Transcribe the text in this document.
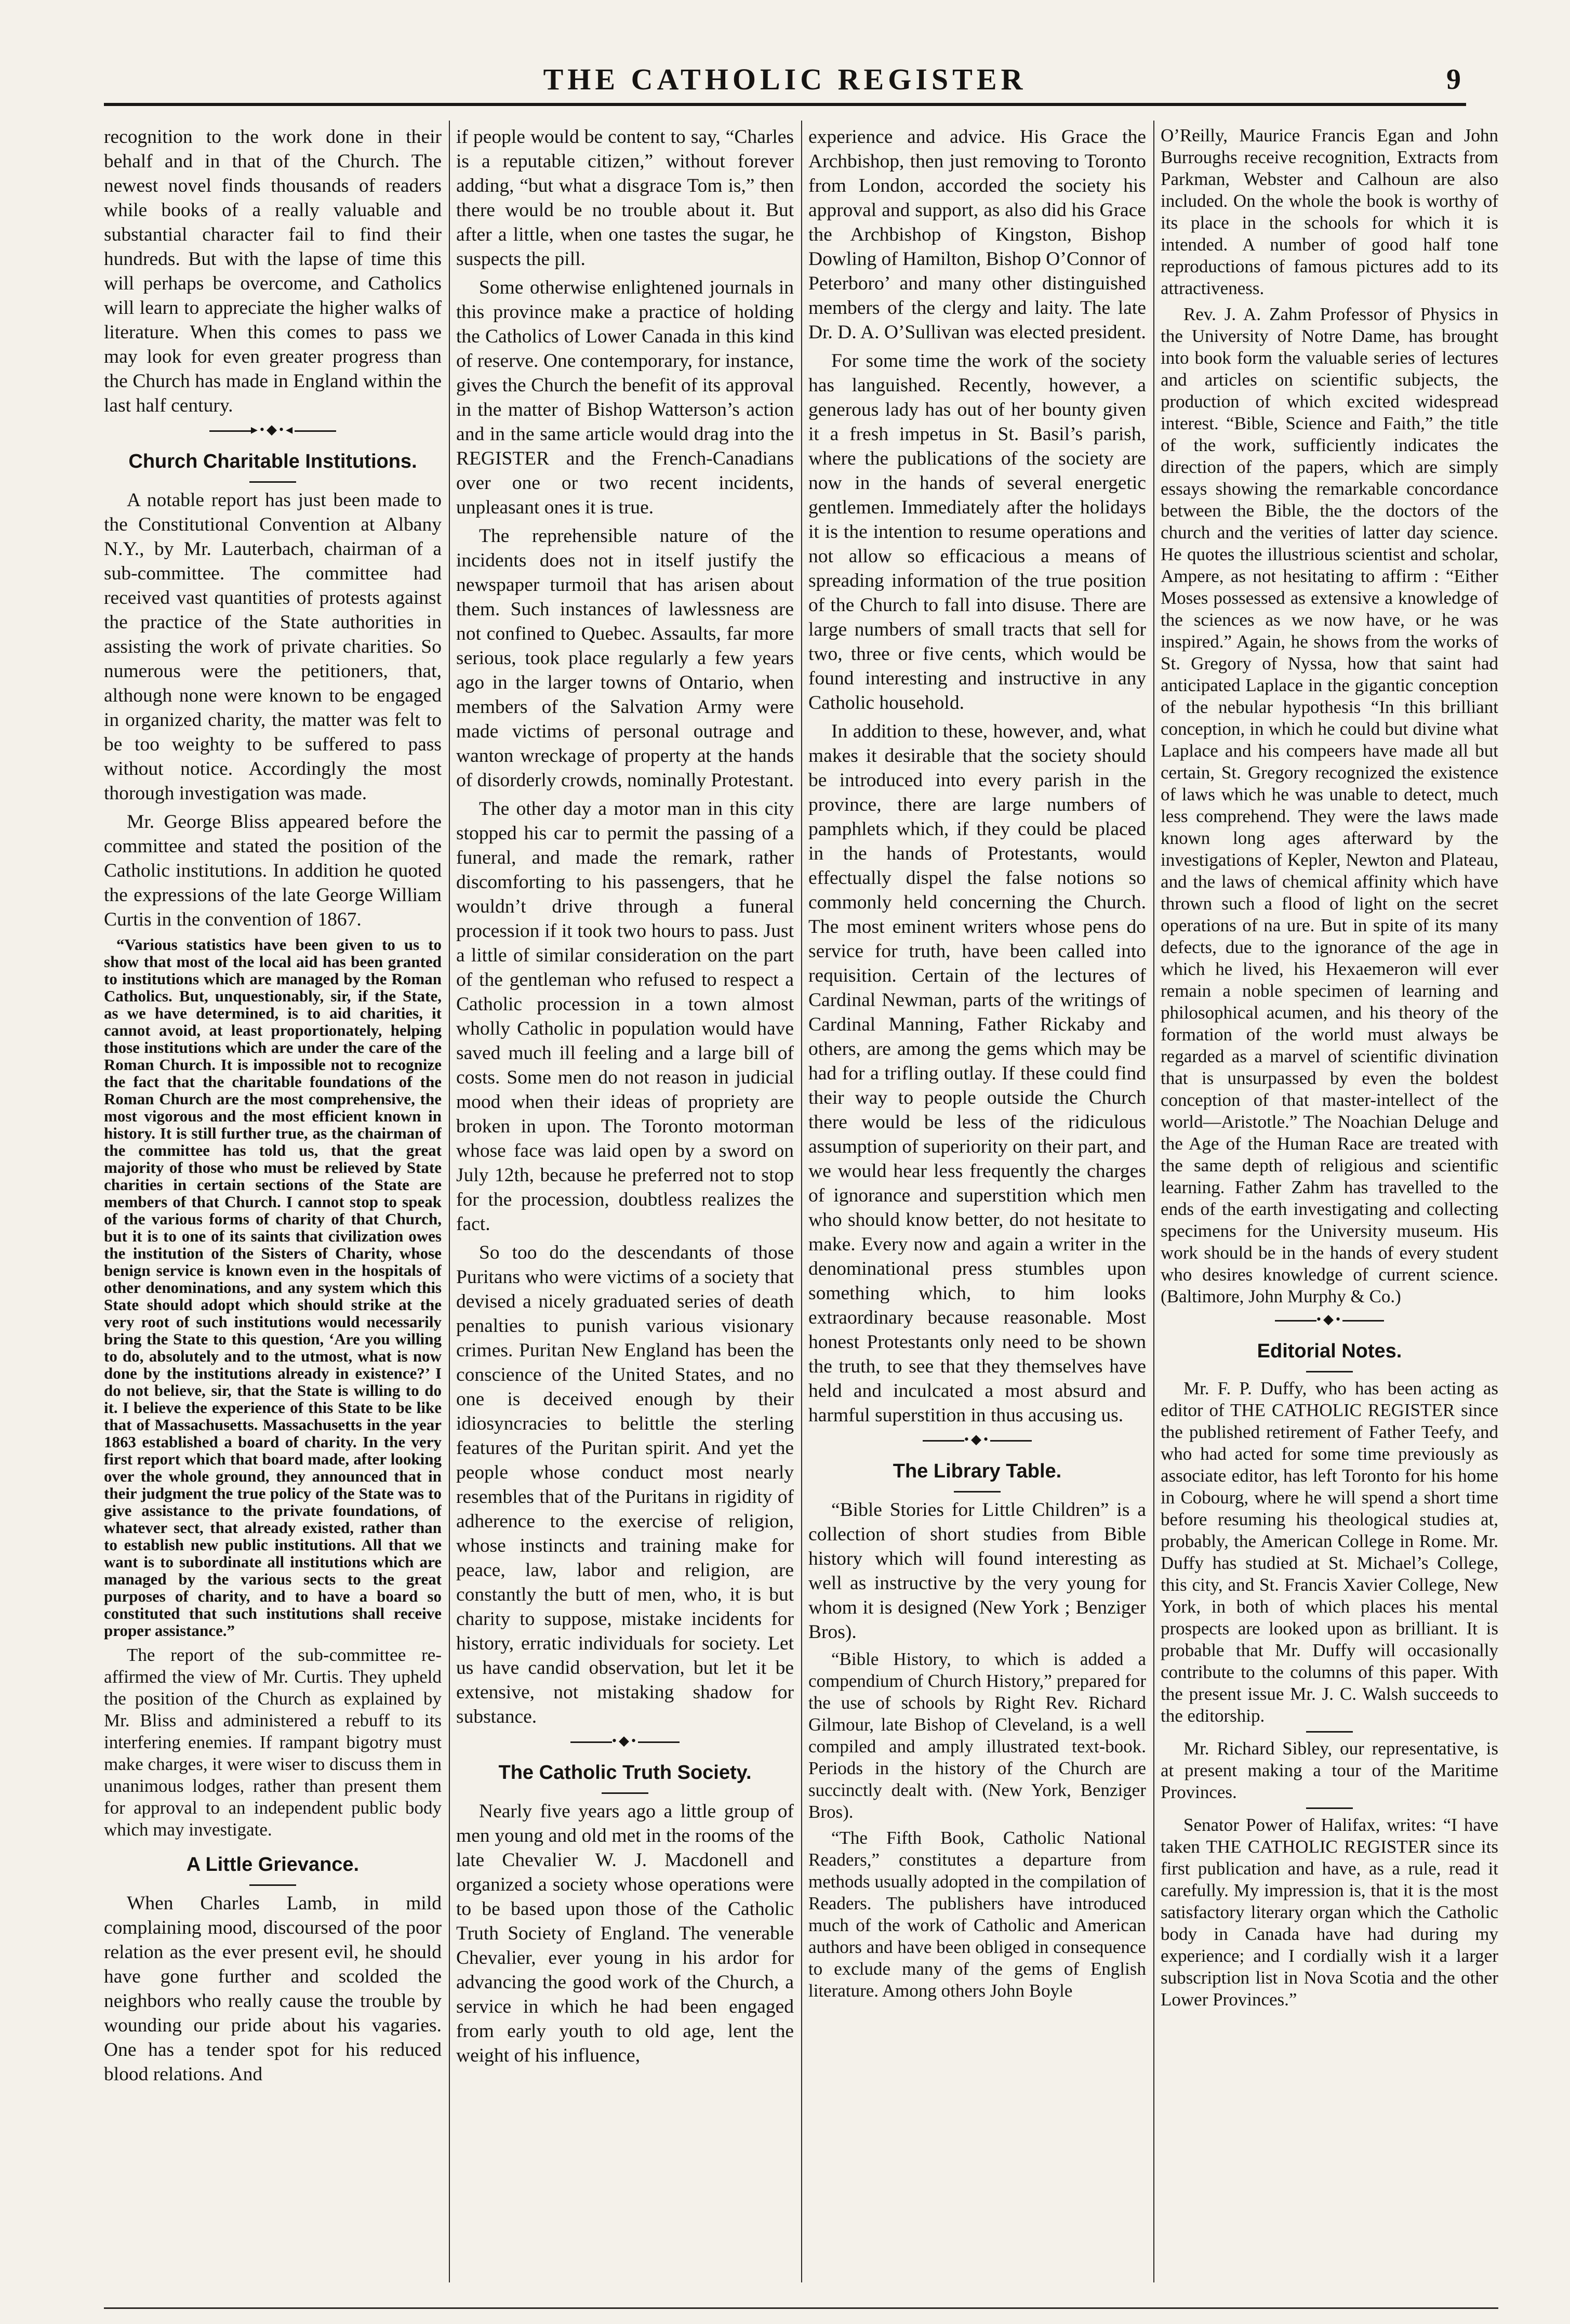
THE CATHOLIC REGISTER	9

recognition to the work done in their behalf and in that of the Church. The newest novel finds thousands of readers while books of a really valuable and substantial character fail to find their hundreds. But with the lapse of time this will perhaps be overcome, and Catholics will learn to appreciate the higher walks of literature. When this comes to pass we may look for even greater progress than the Church has made in England within the last half century.

▸•◆•◂
Church Charitable Institutions.

A notable report has just been made to the Constitutional Convention at Albany N.Y., by Mr. Lauterbach, chairman of a sub-committee. The committee had received vast quantities of protests against the practice of the State authorities in assisting the work of private charities. So numerous were the petitioners, that, although none were known to be engaged in organized charity, the matter was felt to be too weighty to be suffered to pass without notice. Accordingly the most thorough investigation was made.

Mr. George Bliss appeared before the committee and stated the position of the Catholic institutions. In addition he quoted the expressions of the late George William Curtis in the convention of 1867.

“Various statistics have been given to us to show that most of the local aid has been granted to institutions which are managed by the Roman Catholics. But, unquestionably, sir, if the State, as we have determined, is to aid charities, it cannot avoid, at least proportionately, helping those institutions which are under the care of the Roman Church. It is impossible not to recognize the fact that the charitable foundations of the Roman Church are the most comprehensive, the most vigorous and the most efficient known in history. It is still further true, as the chairman of the committee has told us, that the great majority of those who must be relieved by State charities in certain sections of the State are members of that Church. I cannot stop to speak of the various forms of charity of that Church, but it is to one of its saints that civilization owes the institution of the Sisters of Charity, whose benign service is known even in the hospitals of other denominations, and any system which this State should adopt which should strike at the very root of such institutions would necessarily bring the State to this question, ‘Are you willing to do, absolutely and to the utmost, what is now done by the institutions already in existence?’ I do not believe, sir, that the State is willing to do it. I believe the experience of this State to be like that of Massachusetts. Massachusetts in the year 1863 established a board of charity. In the very first report which that board made, after looking over the whole ground, they announced that in their judgment the true policy of the State was to give assistance to the private foundations, of whatever sect, that already existed, rather than to establish new public institutions. All that we want is to subordinate all institutions which are managed by the various sects to the great purposes of charity, and to have a board so constituted that such institutions shall receive proper assistance.”

The report of the sub-committee re-affirmed the view of Mr. Curtis. They upheld the position of the Church as explained by Mr. Bliss and administered a rebuff to its interfering enemies. If rampant bigotry must make charges, it were wiser to discuss them in unanimous lodges, rather than present them for approval to an independent public body which may investigate.

A Little Grievance.

When Charles Lamb, in mild complaining mood, discoursed of the poor relation as the ever present evil, he should have gone further and scolded the neighbors who really cause the trouble by wounding our pride about his vagaries. One has a tender spot for his reduced blood relations. And

if people would be content to say, “Charles is a reputable citizen,” without forever adding, “but what a disgrace Tom is,” then there would be no trouble about it. But after a little, when one tastes the sugar, he suspects the pill.

Some otherwise enlightened journals in this province make a practice of holding the Catholics of Lower Canada in this kind of reserve. One contemporary, for instance, gives the Church the benefit of its approval in the matter of Bishop Watterson’s action and in the same article would drag into the REGISTER and the French-Canadians over one or two recent incidents, unpleasant ones it is true.

The reprehensible nature of the incidents does not in itself justify the newspaper turmoil that has arisen about them. Such instances of lawlessness are not confined to Quebec. Assaults, far more serious, took place regularly a few years ago in the larger towns of Ontario, when members of the Salvation Army were made victims of personal outrage and wanton wreckage of property at the hands of disorderly crowds, nominally Protestant.

The other day a motor man in this city stopped his car to permit the passing of a funeral, and made the remark, rather discomforting to his passengers, that he wouldn’t drive through a funeral procession if it took two hours to pass. Just a little of similar consideration on the part of the gentleman who refused to respect a Catholic procession in a town almost wholly Catholic in population would have saved much ill feeling and a large bill of costs. Some men do not reason in judicial mood when their ideas of propriety are broken in upon. The Toronto motorman whose face was laid open by a sword on July 12th, because he preferred not to stop for the procession, doubtless realizes the fact.

So too do the descendants of those Puritans who were victims of a society that devised a nicely graduated series of death penalties to punish various visionary crimes. Puritan New England has been the conscience of the United States, and no one is deceived enough by their idiosyncracies to belittle the sterling features of the Puritan spirit. And yet the people whose conduct most nearly resembles that of the Puritans in rigidity of adherence to the exercise of religion, whose instincts and training make for peace, law, labor and religion, are constantly the butt of men, who, it is but charity to suppose, mistake incidents for history, erratic individuals for society. Let us have candid observation, but let it be extensive, not mistaking shadow for substance.

•◆•
The Catholic Truth Society.

Nearly five years ago a little group of men young and old met in the rooms of the late Chevalier W. J. Macdonell and organized a society whose operations were to be based upon those of the Catholic Truth Society of England. The venerable Chevalier, ever young in his ardor for advancing the good work of the Church, a service in which he had been engaged from early youth to old age, lent the weight of his influence,

experience and advice. His Grace the Archbishop, then just removing to Toronto from London, accorded the society his approval and support, as also did his Grace the Archbishop of Kingston, Bishop Dowling of Hamilton, Bishop O’Connor of Peterboro’ and many other distinguished members of the clergy and laity. The late Dr. D. A. O’Sullivan was elected president.

For some time the work of the society has languished. Recently, however, a generous lady has out of her bounty given it a fresh impetus in St. Basil’s parish, where the publications of the society are now in the hands of several energetic gentlemen. Immediately after the holidays it is the intention to resume operations and not allow so efficacious a means of spreading information of the true position of the Church to fall into disuse. There are large numbers of small tracts that sell for two, three or five cents, which would be found interesting and instructive in any Catholic household.

In addition to these, however, and, what makes it desirable that the society should be introduced into every parish in the province, there are large numbers of pamphlets which, if they could be placed in the hands of Protestants, would effectually dispel the false notions so commonly held concerning the Church. The most eminent writers whose pens do service for truth, have been called into requisition. Certain of the lectures of Cardinal Newman, parts of the writings of Cardinal Manning, Father Rickaby and others, are among the gems which may be had for a trifling outlay. If these could find their way to people outside the Church there would be less of the ridiculous assumption of superiority on their part, and we would hear less frequently the charges of ignorance and superstition which men who should know better, do not hesitate to make. Every now and again a writer in the denominational press stumbles upon something which, to him looks extraordinary because reasonable. Most honest Protestants only need to be shown the truth, to see that they themselves have held and inculcated a most absurd and harmful superstition in thus accusing us.

•◆•
The Library Table.

“Bible Stories for Little Children” is a collection of short studies from Bible history which will found interesting as well as instructive by the very young for whom it is designed (New York ; Benziger Bros).

“Bible History, to which is added a compendium of Church History,” prepared for the use of schools by Right Rev. Richard Gilmour, late Bishop of Cleveland, is a well compiled and amply illustrated text-book. Periods in the history of the Church are succinctly dealt with. (New York, Benziger Bros).

“The Fifth Book, Catholic National Readers,” constitutes a departure from methods usually adopted in the compilation of Readers. The publishers have introduced much of the work of Catholic and American authors and have been obliged in consequence to exclude many of the gems of English literature. Among others John Boyle

O’Reilly, Maurice Francis Egan and John Burroughs receive recognition, Extracts from Parkman, Webster and Calhoun are also included. On the whole the book is worthy of its place in the schools for which it is intended. A number of good half tone reproductions of famous pictures add to its attractiveness.

Rev. J. A. Zahm Professor of Physics in the University of Notre Dame, has brought into book form the valuable series of lectures and articles on scientific subjects, the production of which excited widespread interest. “Bible, Science and Faith,” the title of the work, sufficiently indicates the direction of the papers, which are simply essays showing the remarkable concordance between the Bible, the the doctors of the church and the verities of latter day science. He quotes the illustrious scientist and scholar, Ampere, as not hesitating to affirm : “Either Moses possessed as extensive a knowledge of the sciences as we now have, or he was inspired.” Again, he shows from the works of St. Gregory of Nyssa, how that saint had anticipated Laplace in the gigantic conception of the nebular hypothesis “In this brilliant conception, in which he could but divine what Laplace and his compeers have made all but certain, St. Gregory recognized the existence of laws which he was unable to detect, much less comprehend. They were the laws made known long ages afterward by the investigations of Kepler, Newton and Plateau, and the laws of chemical affinity which have thrown such a flood of light on the secret operations of na ure. But in spite of its many defects, due to the ignorance of the age in which he lived, his Hexaemeron will ever remain a noble specimen of learning and philosophical acumen, and his theory of the formation of the world must always be regarded as a marvel of scientific divination that is unsurpassed by even the boldest conception of that master-intellect of the world—Aristotle.” The Noachian Deluge and the Age of the Human Race are treated with the same depth of religious and scientific learning. Father Zahm has travelled to the ends of the earth investigating and collecting specimens for the University museum. His work should be in the hands of every student who desires knowledge of current science. (Baltimore, John Murphy & Co.)

•◆•
Editorial Notes.

Mr. F. P. Duffy, who has been acting as editor of THE CATHOLIC REGISTER since the published retirement of Father Teefy, and who had acted for some time previously as associate editor, has left Toronto for his home in Cobourg, where he will spend a short time before resuming his theological studies at, probably, the American College in Rome. Mr. Duffy has studied at St. Michael’s College, this city, and St. Francis Xavier College, New York, in both of which places his mental prospects are looked upon as brilliant. It is probable that Mr. Duffy will occasionally contribute to the columns of this paper. With the present issue Mr. J. C. Walsh succeeds to the editorship.

Mr. Richard Sibley, our representative, is at present making a tour of the Maritime Provinces.

Senator Power of Halifax, writes: “I have taken THE CATHOLIC REGISTER since its first publication and have, as a rule, read it carefully. My impression is, that it is the most satisfactory literary organ which the Catholic body in Canada have had during my experience; and I cordially wish it a larger subscription list in Nova Scotia and the other Lower Provinces.”
